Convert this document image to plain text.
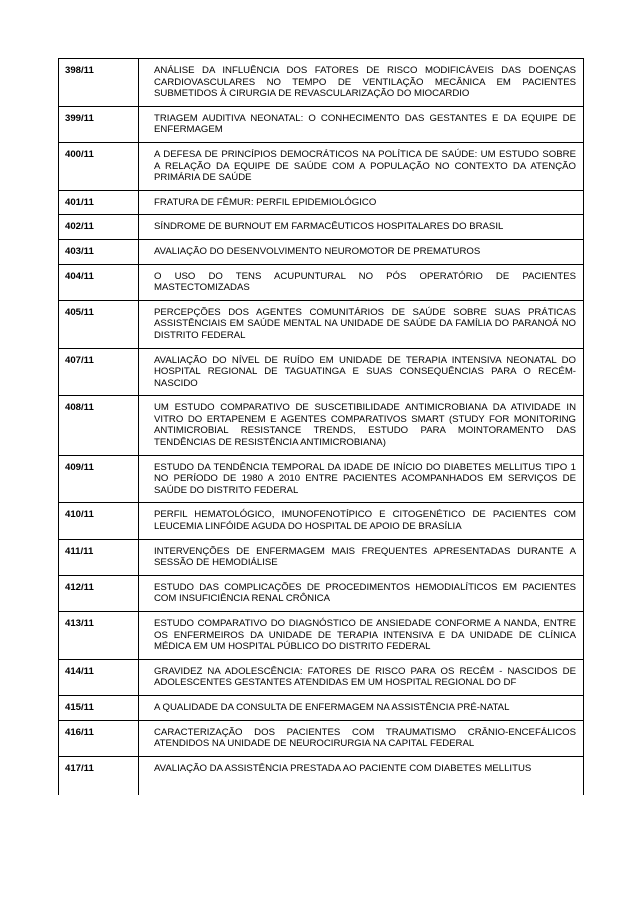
398/11	ANÁLISE DA INFLUÊNCIA DOS FATORES DE RISCO MODIFICÁVEIS DAS DOENÇAS CARDIOVASCULARES NO TEMPO DE VENTILAÇÃO MECÂNICA EM PACIENTES SUBMETIDOS À CIRURGIA DE REVASCULARIZAÇÃO DO MIOCARDIO
399/11	TRIAGEM AUDITIVA NEONATAL: O CONHECIMENTO DAS GESTANTES E DA EQUIPE DE ENFERMAGEM
400/11	A DEFESA DE PRINCÍPIOS DEMOCRÁTICOS NA POLÍTICA DE SAÚDE: UM ESTUDO SOBRE A RELAÇÃO DA EQUIPE DE SAÚDE COM A POPULAÇÃO NO CONTEXTO DA ATENÇÃO PRIMÁRIA DE SAÚDE
401/11	FRATURA DE FÊMUR: PERFIL EPIDEMIOLÓGICO
402/11	SÍNDROME DE BURNOUT EM FARMACÊUTICOS HOSPITALARES DO BRASIL
403/11	AVALIAÇÃO DO DESENVOLVIMENTO NEUROMOTOR DE PREMATUROS
404/11	O USO DO TENS ACUPUNTURAL NO PÓS OPERATÓRIO DE PACIENTES MASTECTOMIZADAS
405/11	PERCEPÇÕES DOS AGENTES COMUNITÁRIOS DE SAÚDE SOBRE SUAS PRÁTICAS ASSISTÊNCIAIS EM SAÚDE MENTAL NA UNIDADE DE SAÚDE DA FAMÍLIA DO PARANOÁ NO DISTRITO FEDERAL
407/11	AVALIAÇÃO DO NÍVEL DE RUÍDO EM UNIDADE DE TERAPIA INTENSIVA NEONATAL DO HOSPITAL REGIONAL DE TAGUATINGA E SUAS CONSEQUÊNCIAS PARA O RECÉM-NASCIDO
408/11	UM ESTUDO COMPARATIVO DE SUSCETIBILIDADE ANTIMICROBIANA DA ATIVIDADE IN VITRO DO ERTAPENEM E AGENTES COMPARATIVOS SMART (STUDY FOR MONITORING ANTIMICROBIAL RESISTANCE TRENDS, ESTUDO PARA MOINTORAMENTO DAS TENDÊNCIAS DE RESISTÊNCIA ANTIMICROBIANA)
409/11	ESTUDO DA TENDÊNCIA TEMPORAL DA IDADE DE INÍCIO DO DIABETES MELLITUS TIPO 1 NO PERÍODO DE 1980 A 2010 ENTRE PACIENTES ACOMPANHADOS EM SERVIÇOS DE SAÚDE DO DISTRITO FEDERAL
410/11	PERFIL HEMATOLÓGICO, IMUNOFENOTÍPICO E CITOGENÉTICO DE PACIENTES COM LEUCEMIA LINFÓIDE AGUDA DO HOSPITAL DE APOIO DE BRASÍLIA
411/11	INTERVENÇÕES DE ENFERMAGEM MAIS FREQUENTES APRESENTADAS DURANTE A SESSÃO DE HEMODIÁLISE
412/11	ESTUDO DAS COMPLICAÇÕES DE PROCEDIMENTOS HEMODIALÍTICOS EM PACIENTES COM INSUFICIÊNCIA RENAL CRÔNICA
413/11	ESTUDO COMPARATIVO DO DIAGNÓSTICO DE ANSIEDADE CONFORME A NANDA, ENTRE OS ENFERMEIROS DA UNIDADE DE TERAPIA INTENSIVA E DA UNIDADE DE CLÍNICA MÉDICA EM UM HOSPITAL PÚBLICO DO DISTRITO FEDERAL
414/11	GRAVIDEZ NA ADOLESCÊNCIA: FATORES DE RISCO PARA OS RECÉM - NASCIDOS DE ADOLESCENTES GESTANTES ATENDIDAS EM UM HOSPITAL REGIONAL DO DF
415/11	A QUALIDADE DA CONSULTA DE ENFERMAGEM NA ASSISTÊNCIA PRÉ-NATAL
416/11	CARACTERIZAÇÃO DOS PACIENTES COM TRAUMATISMO CRÂNIO-ENCEFÁLICOS ATENDIDOS NA UNIDADE DE NEUROCIRURGIA NA CAPITAL FEDERAL
417/11	AVALIAÇÃO DA ASSISTÊNCIA PRESTADA AO PACIENTE COM DIABETES MELLITUS
